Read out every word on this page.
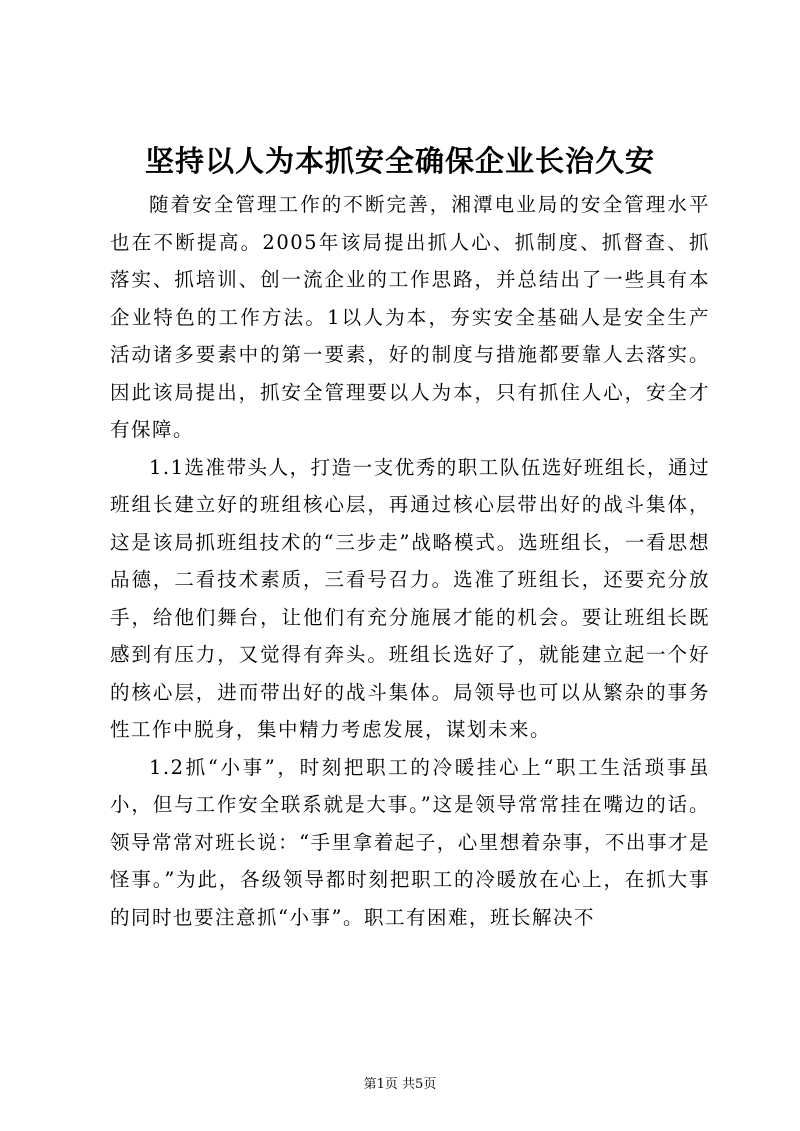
坚持以人为本抓安全确保企业长治久安

随着安全管理工作的不断完善，湘潭电业局的安全管理水平也在不断提高。2005年该局提出抓人心、抓制度、抓督查、抓落实、抓培训、创一流企业的工作思路，并总结出了一些具有本企业特色的工作方法。1以人为本，夯实安全基础人是安全生产活动诸多要素中的第一要素，好的制度与措施都要靠人去落实。因此该局提出，抓安全管理要以人为本，只有抓住人心，安全才有保障。

1.1选准带头人，打造一支优秀的职工队伍选好班组长，通过班组长建立好的班组核心层，再通过核心层带出好的战斗集体，这是该局抓班组技术的“三步走”战略模式。选班组长，一看思想品德，二看技术素质，三看号召力。选准了班组长，还要充分放手，给他们舞台，让他们有充分施展才能的机会。要让班组长既感到有压力，又觉得有奔头。班组长选好了，就能建立起一个好的核心层，进而带出好的战斗集体。局领导也可以从繁杂的事务性工作中脱身，集中精力考虑发展，谋划未来。

1.2抓“小事”，时刻把职工的冷暖挂心上“职工生活琐事虽小，但与工作安全联系就是大事。”这是领导常常挂在嘴边的话。领导常常对班长说：“手里拿着起子，心里想着杂事，不出事才是怪事。”为此，各级领导都时刻把职工的冷暖放在心上，在抓大事的同时也要注意抓“小事”。职工有困难，班长解决不

第1页 共5页
